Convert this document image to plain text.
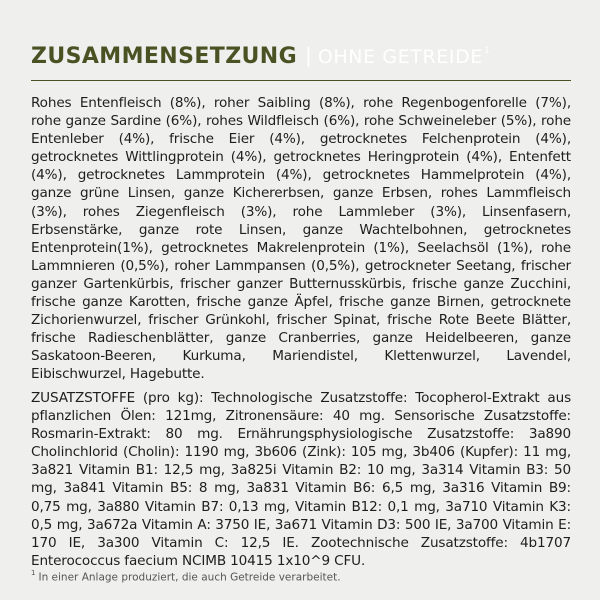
ZUSAMMENSETZUNG | OHNE GETREIDE$^1$

Rohes Entenfleisch (8%), roher Saibling (8%), rohe Regenbogenforelle (7%), rohe ganze Sardine (6%), rohes Wildfleisch (6%), rohe Schweineleber (5%), rohe Entenleber (4%), frische Eier (4%), getrocknetes Felchenprotein (4%), getrocknetes Wittlingprotein (4%), getrocknetes Heringprotein (4%), Entenfett (4%), getrocknetes Lammprotein (4%), getrocknetes Hammelprotein (4%), ganze grüne Linsen, ganze Kichererbsen, ganze Erbsen, rohes Lammfleisch (3%), rohes Ziegenfleisch (3%), rohe Lammleber (3%), Linsenfasern, Erbsenstärke, ganze rote Linsen, ganze Wachtelbohnen, getrocknetes Entenprotein(1%), getrocknetes Makrelenprotein (1%), Seelachsöl (1%), rohe Lammnieren (0,5%), roher Lammpansen (0,5%), getrockneter Seetang, frischer ganzer Gartenkürbis, frischer ganzer Butternusskürbis, frische ganze Zucchini, frische ganze Karotten, frische ganze Äpfel, frische ganze Birnen, getrocknete Zichorienwurzel, frischer Grünkohl, frischer Spinat, frische Rote Beete Blätter, frische Radieschenblätter, ganze Cranberries, ganze Heidelbeeren, ganze Saskatoon-Beeren, Kurkuma, Mariendistel, Klettenwurzel, Lavendel, Eibischwurzel, Hagebutte.

ZUSATZSTOFFE (pro kg): Technologische Zusatzstoffe: Tocopherol-Extrakt aus pflanzlichen Ölen: 121mg, Zitronensäure: 40 mg. Sensorische Zusatzstoffe: Rosmarin-Extrakt: 80 mg. Ernährungsphysiologische Zusatzstoffe: 3a890 Cholinchlorid (Cholin): 1190 mg, 3b606 (Zink): 105 mg, 3b406 (Kupfer): 11 mg, 3a821 Vitamin B1: 12,5 mg, 3a825i Vitamin B2: 10 mg, 3a314 Vitamin B3: 50 mg, 3a841 Vitamin B5: 8 mg, 3a831 Vitamin B6: 6,5 mg, 3a316 Vitamin B9: 0,75 mg, 3a880 Vitamin B7: 0,13 mg, Vitamin B12: 0,1 mg, 3a710 Vitamin K3: 0,5 mg, 3a672a Vitamin A: 3750 IE, 3a671 Vitamin D3: 500 IE, 3a700 Vitamin E: 170 IE, 3a300 Vitamin C: 12,5 IE. Zootechnische Zusatzstoffe: 4b1707 Enterococcus faecium NCIMB 10415 1x10^9 CFU.

$^1$ In einer Anlage produziert, die auch Getreide verarbeitet.
